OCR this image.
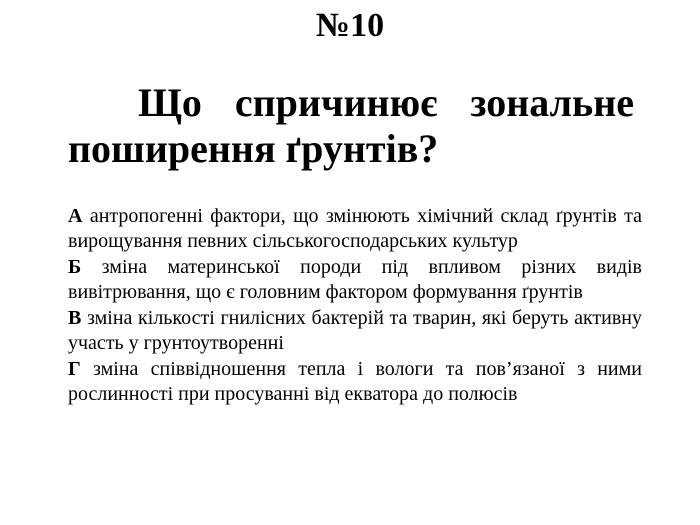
№10

Що спричинює зональне поширення ґрунтів?

А антропогенні фактори, що змінюють хімічний склад ґрунтів та вирощування певних сільськогосподарських культур

Б зміна материнської породи під впливом різних видів вивітрювання, що є головним фактором формування ґрунтів

В зміна кількості гнилісних бактерій та тварин, які беруть активну участь у грунтоутворенні

Г зміна співвідношення тепла і вологи та пов’язаної з ними рослинності при просуванні від екватора до полюсів
